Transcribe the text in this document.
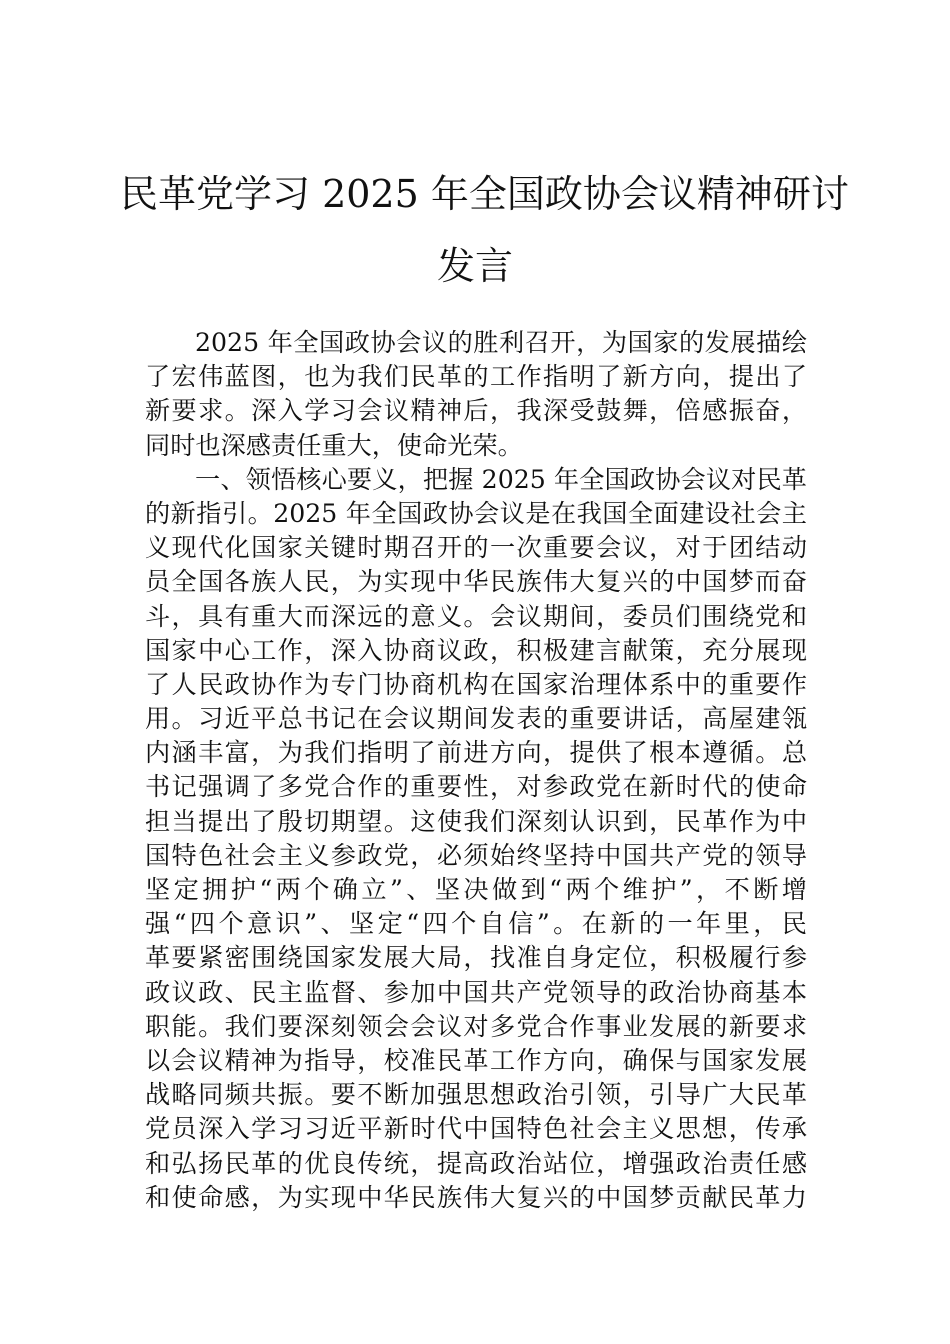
民革党学习 2025 年全国政协会议精神研讨
发言
2025 年全国政协会议的胜利召开，为国家的发展描绘
了宏伟蓝图，也为我们民革的工作指明了新方向，提出了
新要求。深入学习会议精神后，我深受鼓舞，倍感振奋，
同时也深感责任重大，使命光荣。
一、领悟核心要义，把握 2025 年全国政协会议对民革
的新指引。2025 年全国政协会议是在我国全面建设社会主
义现代化国家关键时期召开的一次重要会议，对于团结动
员全国各族人民，为实现中华民族伟大复兴的中国梦而奋
斗，具有重大而深远的意义。会议期间，委员们围绕党和
国家中心工作，深入协商议政，积极建言献策，充分展现
了人民政协作为专门协商机构在国家治理体系中的重要作
用。习近平总书记在会议期间发表的重要讲话，高屋建瓴
内涵丰富，为我们指明了前进方向，提供了根本遵循。总
书记强调了多党合作的重要性，对参政党在新时代的使命
担当提出了殷切期望。这使我们深刻认识到，民革作为中
国特色社会主义参政党，必须始终坚持中国共产党的领导
坚定拥护“两个确立”、坚决做到“两个维护”，不断增
强“四个意识”、坚定“四个自信”。在新的一年里，民
革要紧密围绕国家发展大局，找准自身定位，积极履行参
政议政、民主监督、参加中国共产党领导的政治协商基本
职能。我们要深刻领会会议对多党合作事业发展的新要求
以会议精神为指导，校准民革工作方向，确保与国家发展
战略同频共振。要不断加强思想政治引领，引导广大民革
党员深入学习习近平新时代中国特色社会主义思想，传承
和弘扬民革的优良传统，提高政治站位，增强政治责任感
和使命感，为实现中华民族伟大复兴的中国梦贡献民革力
